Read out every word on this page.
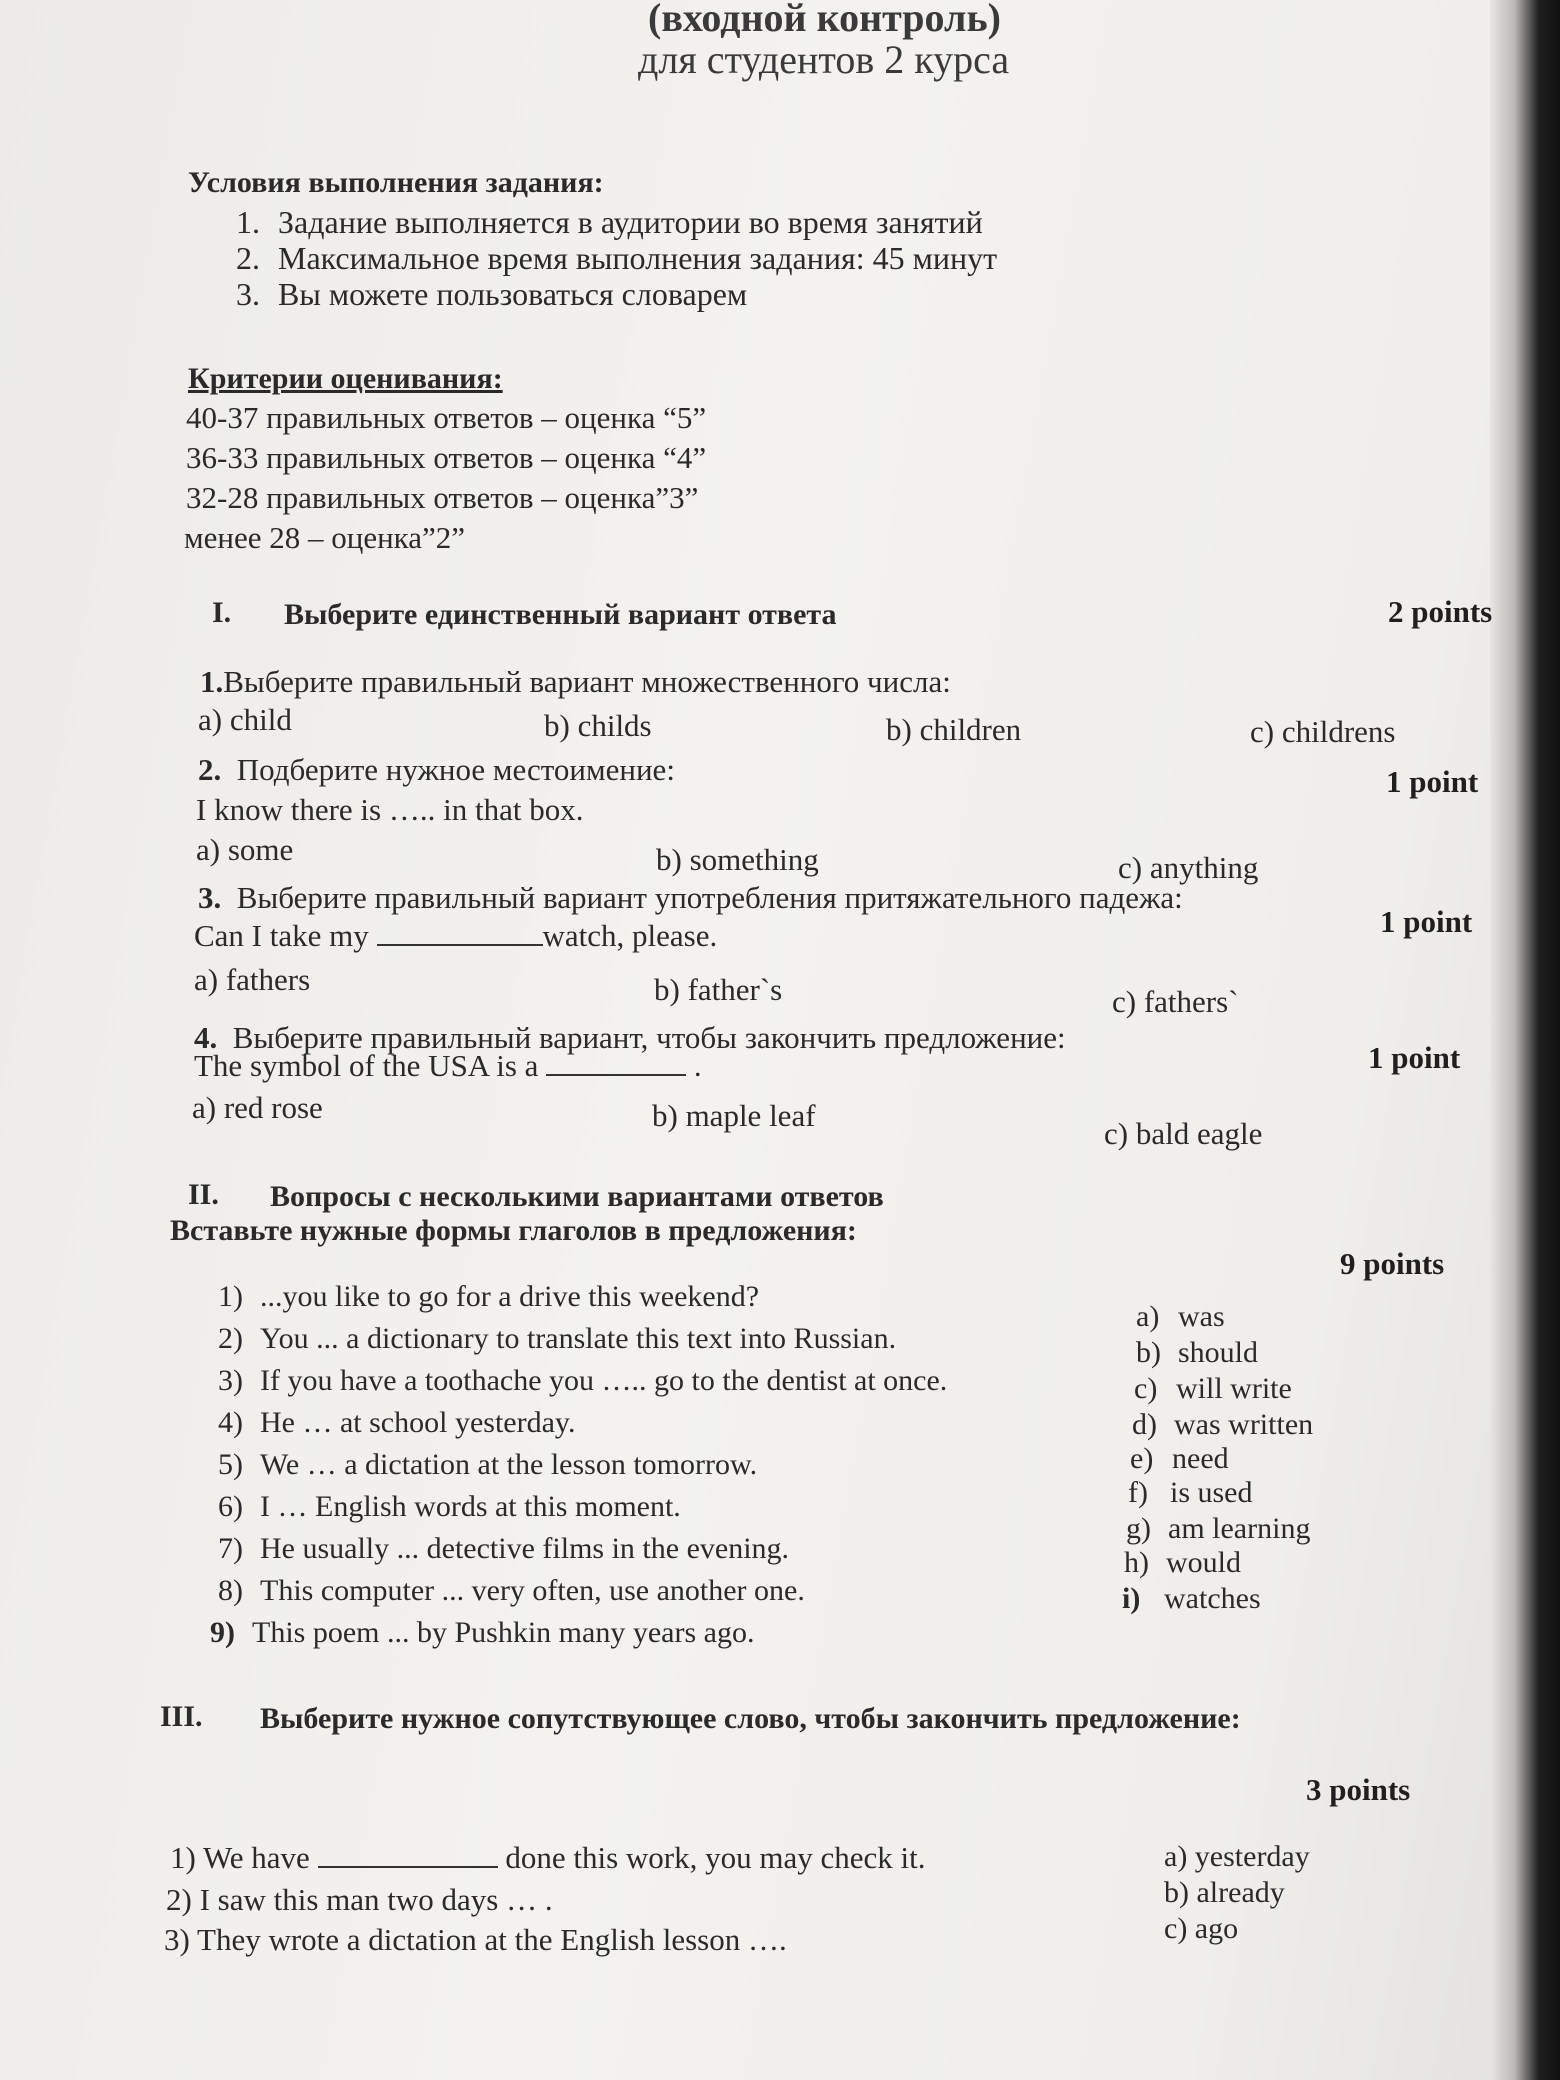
(входной контроль)
для студентов 2 курса
Условия выполнения задания:
1. Задание выполняется в аудитории во время занятий
2. Максимальное время выполнения задания: 45 минут
3. Вы можете пользоваться словарем
Критерии оценивания:
40-37 правильных ответов – оценка “5”
36-33 правильных ответов – оценка “4”
32-28 правильных ответов – оценка”3”
менее 28 – оценка”2”
I. Выберите единственный вариант ответа	2 points
1.Выберите правильный вариант множественного числа:
a) child	b) childs	b) children	c) childrens
2. Подберите нужное местоимение:	1 point
I know there is ….. in that box.
a) some	b) something	c) anything
3. Выберите правильный вариант употребления притяжательного падежа:
1 point
Can I take my	watch, please.
a) fathers	b) father`s	c) fathers`
4. Выберите правильный вариант, чтобы закончить предложение:
1 point
The symbol of the USA is a	.
a) red rose	b) maple leaf
c) bald eagle
II. Вопросы с несколькими вариантами ответов
Вставьте нужные формы глаголов в предложения:
9 points
1) ...you like to go for a drive this weekend?
2) You ... a dictionary to translate this text into Russian.
3) If you have a toothache you ….. go to the dentist at once.
4) He … at school yesterday.
5) We … a dictation at the lesson tomorrow.
6) I … English words at this moment.
7) He usually ... detective films in the evening.
8) This computer ... very often, use another one.
9) This poem ... by Pushkin many years ago.
a) was
b) should
c) will write
d) was written
e) need
f) is used
g) am learning
h) would
i) watches
III. Выберите нужное сопутствующее слово, чтобы закончить предложение:
3 points
1) We have	done this work, you may check it.
2) I saw this man two days … .
3) They wrote a dictation at the English lesson ….
a) yesterday
b) already
c) ago
